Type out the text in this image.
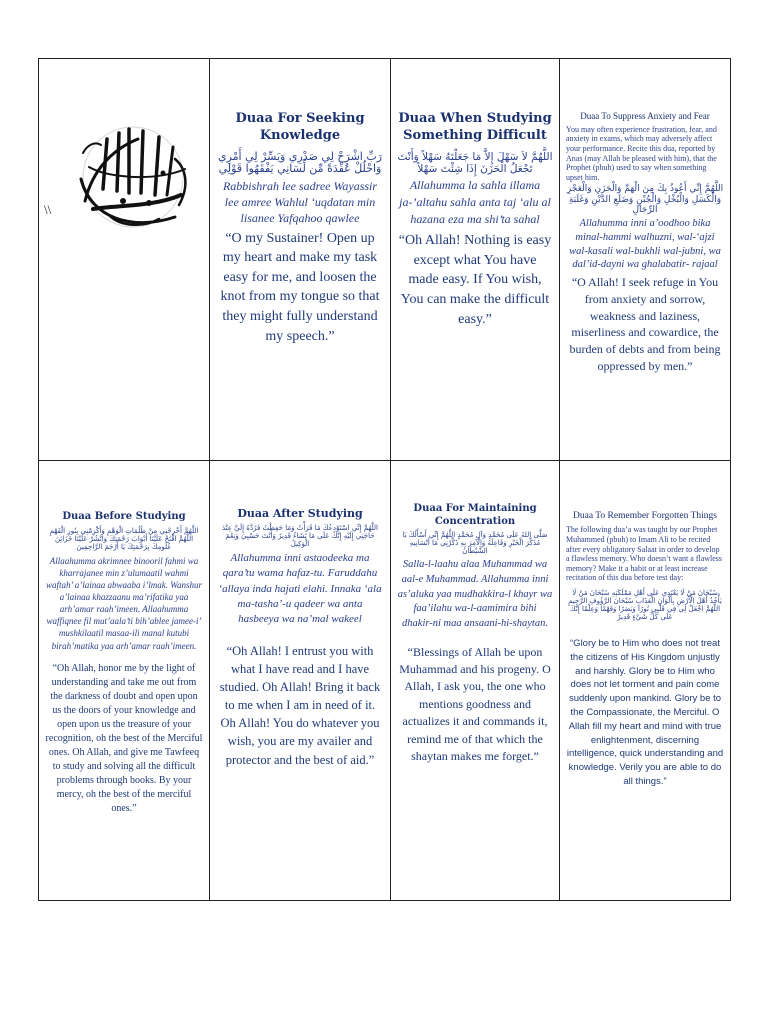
\\
Duaa For Seeking Knowledge
رَبِّ اشْرَحْ لِي صَدْرِي وَيَسِّرْ لِي أَمْرِي وَاحْلُلْ عُقْدَةً مِّن لِّسَانِي يَفْقَهُوا قَوْلِي
Rabbishrah lee sadree Wayassir lee amree Wahlul ‘uqdatan min lisanee Yafqahoo qawlee
“O my Sustainer! Open up my heart and make my task easy for me, and loosen the knot from my tongue so that they might fully understand my speech.”
Duaa When Studying Something Difficult
اللَّهُمَّ لاَ سَهْلَ إِلاَّ مَا جَعَلْتَهُ سَهْلاً وَأَنْتَ تَجْعَلُ الْحَزَنَ إِذَا شِئْتَ سَهْلاً
Allahumma la sahla illama ja-’altahu sahla anta taj ‘alu al hazana eza ma shi’ta sahal
“Oh Allah! Nothing is easy except what You have made easy. If You wish, You can make the difficult easy.”
Duaa To Suppress Anxiety and Fear
You may often experience frustration, fear, and anxiety in exams, which may adversely affect your performance. Recite this dua, reported by Anas (may Allah be pleased with him), that the Prophet (pbuh) used to say when something upset him.
اللَّهُمَّ إِنِّي أَعُوذُ بِكَ مِنَ الْهَمِّ وَالْحَزَنِ وَالْعَجْزِ وَالْكَسَلِ وَالْبُخْلِ وَالْجُبْنِ وَضَلَعِ الدَّيْنِ وَغَلَبَةِ الرِّجَالِ
Allahumma inni a’oodhoo bika minal-hammi walhuzni, wal-‘ajzi wal-kasali wal-bukhli wal-jubni, wa dal’id-dayni wa ghalabatir- rajaal
“O Allah! I seek refuge in You from anxiety and sorrow, weakness and laziness, miserliness and cowardice, the burden of debts and from being oppressed by men.”
Duaa Before Studying
اللَّهُمَّ أَخْرِجْنِي مِنْ ظُلُمَاتِ الْوَهْمِ وَأَكْرِمْنِي بِنُورِ الْفَهْمِ اللَّهُمَّ افْتَحْ عَلَيْنَا أَبْوَابَ رَحْمَتِكَ وَانْشُرْ عَلَيْنَا خَزَائِنَ عُلُومِكَ بِرَحْمَتِكَ يَا أَرْحَمَ الرَّاحِمِينَ
Allaahumma akrimnee binooril fahmi wa kharrajanee min z’ulumaatil wahmi waftah’ a’lainaa abwaaba i’lmak. Wanshur a’lainaa khazzaanu ma’rifatika yaa arh’amar raah’imeen. Allaahumma waffiqnee fil mut’aala’ti bih’ablee jamee-i’ mushkilaatil masaa-ili manal kutubi birah’matika yaa arh’amar raah’imeen.
“Oh Allah, honor me by the light of understanding and take me out from the darkness of doubt and open upon us the doors of your knowledge and open upon us the treasure of your recognition, oh the best of the Merciful ones. Oh Allah, and give me Tawfeeq to study and solving all the difficult problems through books. By your mercy, oh the best of the merciful ones.”
Duaa After Studying
اللَّهُمَّ إِنِّي اسْتَوْدِعُكَ مَا قَرَأْتُ وَمَا حَفِظْتُ فَرُدَّهُ إِلَيَّ عِنْدَ حَاجَتِي إِلَيْهِ إِنَّكَ عَلَى مَا تَشَاءُ قَدِيرٌ وَأَنْتَ حَسْبِيَ وَنِعْمَ الْوَكِيلُ
Allahumma inni astaodeeka ma qara’tu wama hafaz-tu. Faruddahu ‘allaya inda hajati elahi. Innaka ‘ala ma-tasha’-u qadeer wa anta hasbeeya wa na’mal wakeel
“Oh Allah! I entrust you with what I have read and I have studied. Oh Allah! Bring it back to me when I am in need of it. Oh Allah! You do whatever you wish, you are my availer and protector and the best of aid.”
Duaa For Maintaining Concentration
صَلَّى اللهُ عَلَى مُحَمَّدٍ وَآلِ مُحَمَّدٍ اللَّهُمَّ إِنِّي أَسْأَلُكَ يَا مُذَكِّرَ الْخَيْرِ وَفَاعِلَهُ وَالْآمِرَ بِهِ ذَكِّرْنِي مَا أَنْسَانِيهِ الشَّيْطَانُ
Salla-l-laahu alaa Muhammad wa aal-e Muhammad. Allahumma inni as’aluka yaa mudhakkira-l khayr wa faa’ilahu wa-l-aamimira bihi dhakir-ni maa ansaani-hi-shaytan.
“Blessings of Allah be upon Muhammad and his progeny. O Allah, I ask you, the one who mentions goodness and actualizes it and commands it, remind me of that which the shaytan makes me forget.”
Duaa To Remember Forgotten Things
The following dua’a was taught by our Prophet Muhammed (pbuh) to Imam Ali to be recited after every obligatory Salaat in order to develop a flawless memory. Who doesn’t want a flawless memory? Make it a habit or at least increase recitation of this dua before test day:
سُبْحَانَ مَنْ لَا يَعْتَدِي عَلَى أَهْلِ مَمْلَكَتِهِ سُبْحَانَ مَنْ لَا يَأْخُذُ أَهْلَ الْأَرْضِ بِأَلْوَانِ الْعَذَابِ سُبْحَانَ الرَّؤُوفِ الرَّحِيمِ اللَّهُمَّ اجْعَلْ لِي فِي قَلْبِي نُورًا وَبَصَرًا وَفَهْمًا وَعِلْمًا إِنَّكَ عَلَى كُلِّ شَيْءٍ قَدِيرٌ
“Glory be to Him who does not treat the citizens of His Kingdom unjustly and harshly. Glory be to Him who does not let torment and pain come suddenly upon mankind. Glory be to the Compassionate, the Merciful. O Allah fill my heart and mind with true enlightenment, discerning intelligence, quick understanding and knowledge. Verily you are able to do all things.”
